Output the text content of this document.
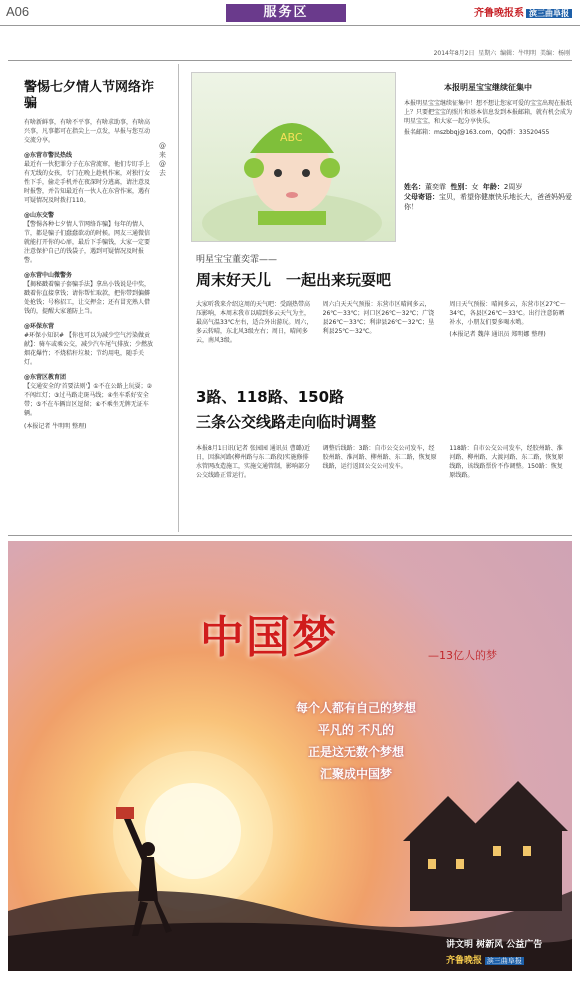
A06	服务区	齐鲁晚报系 滨三曲阜报
2014年8月2日 星期六 编辑：牛明明 美编：杨刚
警惕七夕情人节网络诈骗
有啥新鲜事，有啥不平事，有啥求助事，有啥高兴事，凡事都可在指尖上一点发，早报与您互动交流分享。
@东营市警民热线
最近有一伙犯罪分子在东营流窜，他们专盯手上有无线的女孩，专门在晚上趁机作案，对独行女性下手，偷走手机并在夜深时分逃离，请注意及时报警，并告知最近有一伙人在东营作案，遇有可疑情况及时拨打110。
@山东交警
【警惕各种七夕情人节网络诈骗】每年的情人节，都是骗子们蠢蠢欲动的时候。网友三通微信就能打开你的心扉，最后下手骗钱，大家一定要注意保护自己的钱袋子，遇到可疑情况及时报警。
@东营中山微警务
【揭秘戳着骗子套骗手法】拿出小钱说是中奖，戳着你直接拿钱；请你帮忙取款，把你带到偏僻处抢钱；号称招工，让交押金；还有冒充熟人借钱的，提醒大家谨防上当。
@环保东营
#环保小知识# 【你也可以为减少空气污染做贡献】：骑车或乘公交，减少汽车尾气排放；少燃放烟花爆竹；不烧秸秆垃圾；节约用电，随手关灯。
@东营区教育团
【交通安全的'首要法则'】①不在公路上玩耍；②不闯红灯；③过马路走斑马线；④坐车系好安全带；⑤不在车辆盲区逗留；⑥不乘坐无牌无证车辆。
(本报记者 牛明明 整理)
@来@去
ABC
本报明星宝宝继续征集中
本报明星宝宝继续征集中！想不想让您家可爱的宝宝出现在报纸上？只要把宝宝的照片和基本信息发到本报邮箱，就有机会成为明星宝宝，和大家一起分享快乐。
报名邮箱：mszbbqj@163.com，QQ群：33520455
姓名：董奕霏 性别：女 年龄：2周岁
父母寄语：宝贝，希望你健康快乐地长大，爸爸妈妈爱你！
明星宝宝董奕霏——
周末好天儿　一起出来玩耍吧
大家听我来介绍这周的天气吧：受副热带高压影响，本周末我市以晴到多云天气为主，最高气温33℃左右，适合外出游玩。周六，多云转晴，东北风3级左右；周日，晴间多云，南风3级。
周六白天天气预报：东营市区晴间多云，26℃～33℃；河口区26℃～32℃；广饶县26℃～33℃；利津县26℃～32℃；垦利县25℃～32℃。
周日天气预报：晴间多云，东营市区27℃～34℃，各县区26℃～33℃。出行注意防晒补水，小朋友们要多喝水哟。
(本报记者 魏萍 通讯员 郑明娜 整理)
3路、118路、150路
三条公交线路走向临时调整
本报8月1日讯(记者 张园园 通讯员 曹璐)近日，因淮河路(柳州路与东二路段)实施修排水管网改造施工，实施交通管制，影响部分公交线路正常运行。
调整后线路：3路：自市公交公司发车，经胶州路、淮河路、柳州路、东二路，恢复原线路，运行返回公交公司发车。
118路：自市公交公司发车，经胶州路、淮河路、柳州路、大渡河路、东二路，恢复原线路，该线路票价不作调整。150路：恢复原线路。
中国梦	—13亿人的梦
每个人都有自己的梦想
平凡的 不凡的
正是这无数个梦想
汇聚成中国梦
讲文明 树新风 公益广告
齐鲁晚报 滨三曲阜报
